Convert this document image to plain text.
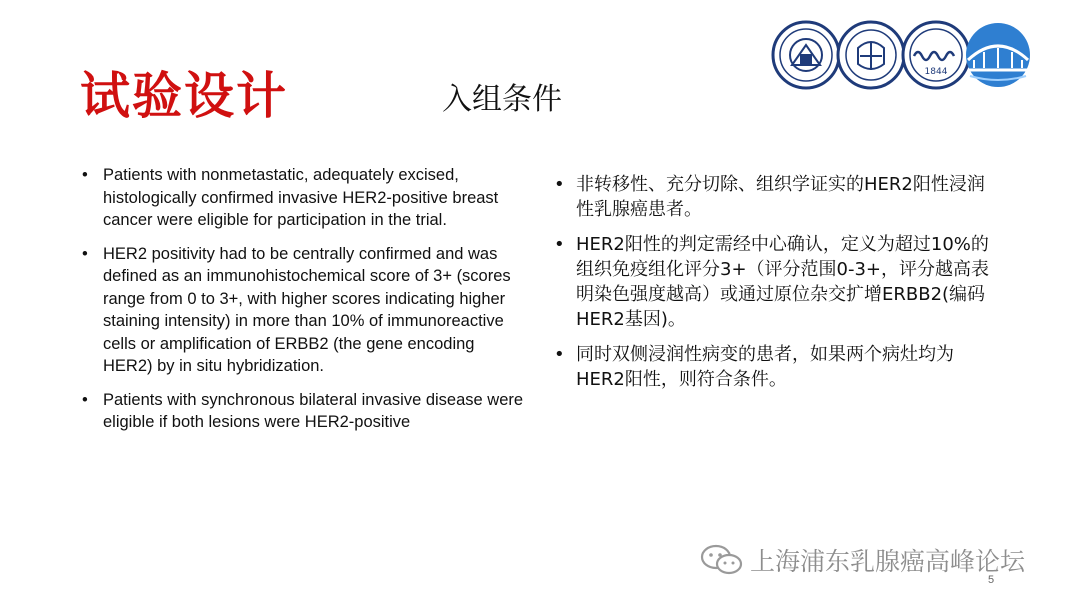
试验设计	入组条件
1844
• Patients with nonmetastatic, adequately excised, histologically confirmed invasive HER2-positive breast cancer were eligible for participation in the trial.
• HER2 positivity had to be centrally confirmed and was defined as an immunohistochemical score of 3+ (scores range from 0 to 3+, with higher scores indicating higher staining intensity) in more than 10% of immunoreactive cells or amplification of ERBB2 (the gene encoding HER2) by in situ hybridization.
• Patients with synchronous bilateral invasive disease were eligible if both lesions were HER2-positive
• 非转移性、充分切除、组织学证实的HER2阳性浸润性乳腺癌患者。
• HER2阳性的判定需经中心确认，定义为超过10%的组织免疫组化评分3+（评分范围0-3+，评分越高表明染色强度越高）或通过原位杂交扩增ERBB2(编码HER2基因)。
• 同时双侧浸润性病变的患者，如果两个病灶均为HER2阳性，则符合条件。
上海浦东乳腺癌高峰论坛
5
